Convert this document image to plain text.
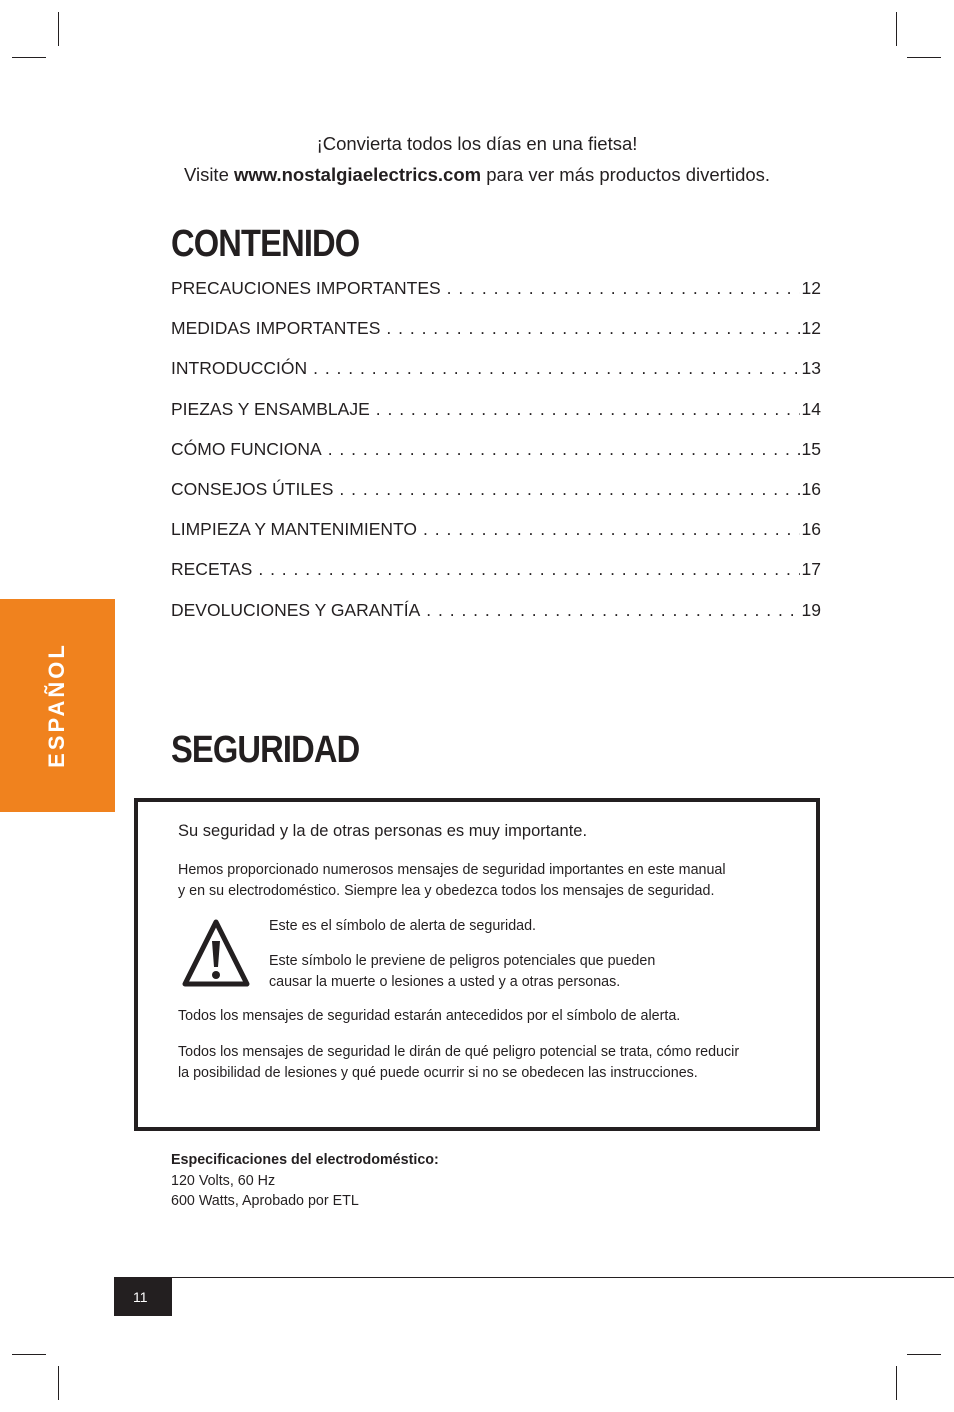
¡Convierta todos los días en una fietsa!
Visite www.nostalgiaelectrics.com para ver más productos divertidos.
CONTENIDO
PRECAUCIONES IMPORTANTES . . .	12
MEDIDAS IMPORTANTES . . .	12
INTRODUCCIÓN . . .	13
PIEZAS Y ENSAMBLAJE . . .	14
CÓMO FUNCIONA . . .	15
CONSEJOS ÚTILES . . .	16
LIMPIEZA Y MANTENIMIENTO . . .	16
RECETAS . . .	17
DEVOLUCIONES Y GARANTÍA . . .	19
ESPAÑOL	SEGURIDAD
Su seguridad y la de otras personas es muy importante.
Hemos proporcionado numerosos mensajes de seguridad importantes en este manual
y en su electrodoméstico. Siempre lea y obedezca todos los mensajes de seguridad.
Este es el símbolo de alerta de seguridad.
Este símbolo le previene de peligros potenciales que pueden
causar la muerte o lesiones a usted y a otras personas.
Todos los mensajes de seguridad estarán antecedidos por el símbolo de alerta.
Todos los mensajes de seguridad le dirán de qué peligro potencial se trata, cómo reducir
la posibilidad de lesiones y qué puede ocurrir si no se obedecen las instrucciones.
Especificaciones del electrodoméstico:
120 Volts, 60 Hz
600 Watts, Aprobado por ETL
11
